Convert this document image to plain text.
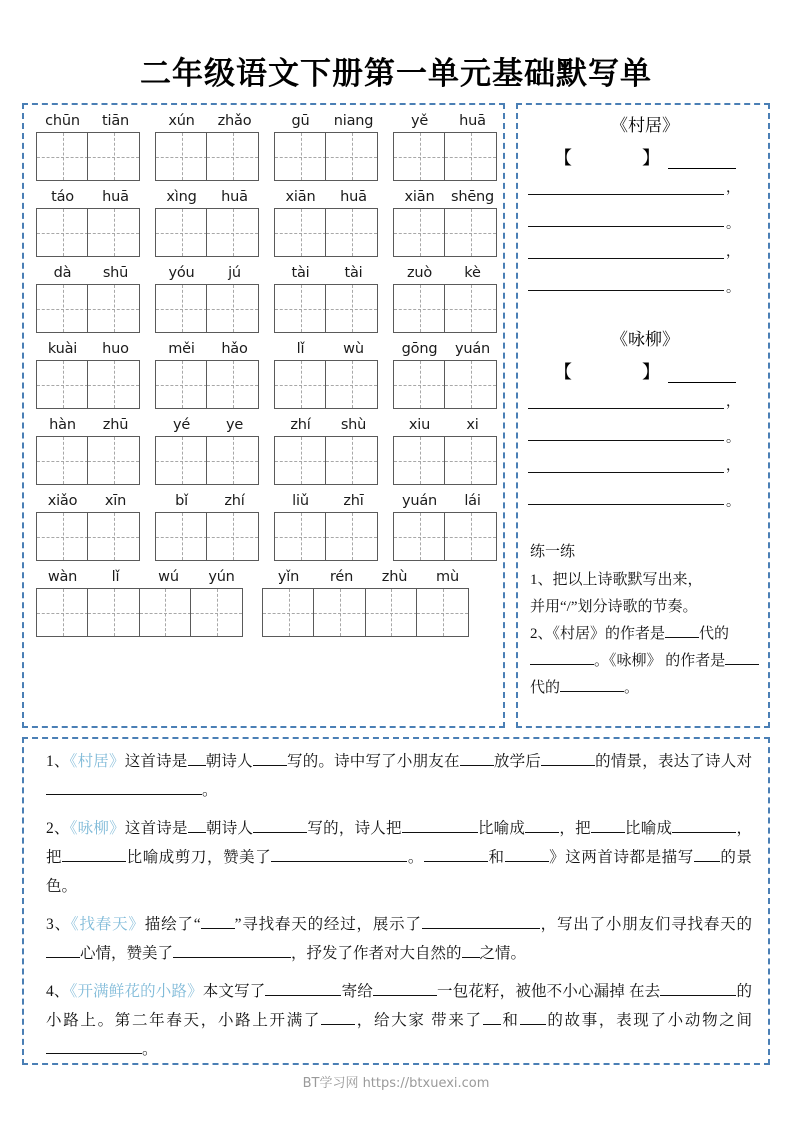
二年级语文下册第一单元基础默写单
chūn	tiān	xún	zhǎo	gū	niang	yě	huā
táo	huā	xìng	huā	xiān	huā	xiān	shēng
dà	shū	yóu	jú	tài	tài	zuò	kè
kuài	huo	měi	hǎo	lǐ	wù	gōng	yuán
hàn	zhū	yé	ye	zhí	shù	xiu	xi
xiǎo	xīn	bǐ	zhí	liǔ	zhī	yuán	lái
wàn	lǐ	wú	yún	yǐn	rén	zhù	mù
《村居》
【　】
，
。
，
。
《咏柳》
【　】
，
。
，
。
练一练

1、把以上诗歌默写出来，

并用“/”划分诗歌的节奏。

2、《村居》的作者是 代的。《咏柳》 的作者是代的	。

1、《村居》这首诗是 朝诗人 写的。诗中写了小朋友在 放学后	的情景，表达了诗人对。
2、《咏柳》这首诗是 朝诗人	写的，诗人把	比喻成 ，把 比喻成	，把	比喻成剪刀，赞美了	。	和	》这两首诗都是描写 的景色。
3、《找春天》描绘了“ ”寻找春天的经过，展示了	，写出了小朋友们寻找春天的心情，赞美了	，抒发了作者对大自然的 之情。
4、《开满鲜花的小路》本文写了	寄给	一包花籽，被他不小心漏掉 在去	的小路上。第二年春天，小路上开满了 ，给大家 带来了 和 的故事，表现了小动物之间。
BT学习网 https://btxuexi.com
